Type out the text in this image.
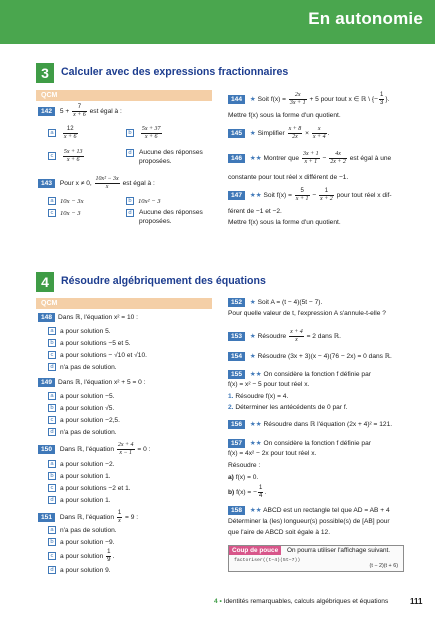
En autonomie
3	Calculer avec des expressions fractionnaires
QCM
142 $5 + \frac{7}{x + 6}$ est égal à :
a $\frac{12}{x + 6}$	b $\frac{5x + 37}{x + 6}$
c $\frac{5x + 13}{x + 6}$	d	Aucune des réponses proposées.
143 Pour x ≠ 0, $\frac{\text{10x² − 3x}}{x}$ est égal à :
a 10x − 3x	b 10x² − 3
c 10x − 3	d	Aucune des réponses proposées.
144 ★ Soit $f(x) = \frac{2x}{3x + 1} + 5$ pour tout x ∈ ℝ \ {− $\frac{1}{3}$ }.
Mettre f(x) sous la forme d'un quotient.
145 ★ Simplifier $\frac{x + 8}{2x} \times \frac{x}{x + 4}$ .
146 ★★ Montrer que $\frac{3x + 1}{x + 1} - \frac{4x}{2x + 2}$ est égal à une
constante pour tout réel x différent de −1.
147 ★★ Soit $f(x) = \frac{5}{x + 1} - \frac{1}{x + 2}$ pour tout réel x dif-
férent de −1 et −2.
Mettre f(x) sous la forme d'un quotient.
4	Résoudre algébriquement des équations
QCM
148 Dans ℝ, l'équation x² = 10 :
a a pour solution 5.
b a pour solutions −5 et 5.
c a pour solutions − √10 et √10.
d n'a pas de solution.
149 Dans ℝ, l'équation x² + 5 = 0 :
a a pour solution −5.
b a pour solution √5.
c a pour solution −2,5.
d n'a pas de solution.
150 Dans ℝ, l'équation $\frac{2x + 4}{x - 1} = 0$ :
a a pour solution −2.
b a pour solution 1.
c a pour solutions −2 et 1.
d a pour solution 1.
151 Dans ℝ, l'équation $\frac{1}{x} = 9$ :
a n'a pas de solution.
b a pour solution −9.
c a pour solution $\frac{1}{9}$ .
d a pour solution 9.
152 ★ Soit A = (t − 4)(5t − 7).
Pour quelle valeur de t, l'expression A s'annule-t-elle ?
153 ★ Résoudre $\frac{x + 4}{x} = 2$ dans ℝ.
154 ★ Résoudre (3x + 3)(x − 4)(76 − 2x) = 0 dans ℝ.
155 ★★ On considère la fonction f définie par
f(x) = x² − 5 pour tout réel x.
1. Résoudre f(x) = 4.
2. Déterminer les antécédents de 0 par f.
156 ★★ Résoudre dans ℝ l'équation (2x + 4)² = 121.
157 ★★ On considère la fonction f définie par
f(x) = 4x² − 2x pour tout réel x.
Résoudre :
a) f(x) = 0.
b) f(x) = − $\frac{1}{4}$ .
158 ★★ ABCD est un rectangle tel que AD = AB + 4
Déterminer la (les) longueur(s) possible(s) de [AB] pour
que l'aire de ABCD soit égale à 12.
Coup de pouce	On pourra utiliser l'affichage suivant.
factoriser((t−4)(5t−7))
(t − 2)(t + 6)
4 • Identités remarquables, calculs algébriques et équations	111
